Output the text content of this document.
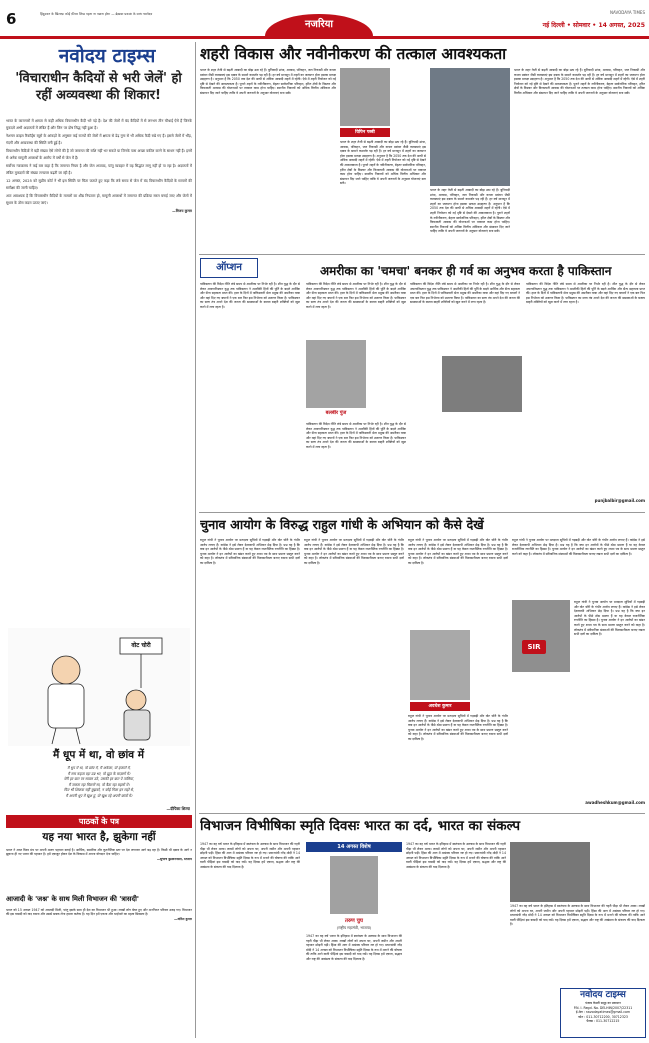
6	हिंदुस्तान के खिलाफ़ कोई फ़ीचर लिख पहना ना पछना होगा — ब्रेख़बर प्रकाश के साथ नवरोदय
नजरिया
NAVODAYA TIMES
नई दिल्ली • सोमवार • 14 अगस्त, 2025
नवोदय टाइम्स
'विचाराधीन कैदियों से भरी जेलें' हो रहीं अव्यवस्था की शिकार!

भारत के कारागारों में क्षमता से कहीं अधिक विचाराधीन कैदी भरे पड़े हैं। देश की जेलों में बंद कैदियों में से लगभग तीन चौथाई ऐसे हैं जिनके मुकदमे अभी अदालतों में लंबित हैं और जिन पर दोष सिद्ध नहीं हुआ है।

नेशनल क्राइम रिकॉर्ड्स ब्यूरो के आंकड़ों के अनुसार कई राज्यों की जेलों में क्षमता से डेढ़ गुना से भी अधिक कैदी रखे गए हैं। इससे जेलों में भीड़, गंदगी और अव्यवस्था की स्थिति बनी हुई है।

विचाराधीन कैदियों में बड़ी संख्या ऐसे लोगों की है जो जमानत की राशि नहीं भर सकते या जिनके पास अच्छा वकील करने के साधन नहीं हैं। इनमें से अनेक मामूली अपराधों के आरोप में वर्षों से जेल में हैं।

सर्वोच्च न्यायालय ने कई बार कहा है कि जमानत नियम है और जेल अपवाद, परंतु व्यवहार में यह सिद्धांत लागू नहीं हो पा रहा है। अदालतों में लंबित मुकदमों की संख्या लगातार बढ़ती जा रही है।

12 अगस्त, 2025 को सुप्रीम कोर्ट ने भी इस स्थिति पर चिंता जताते हुए कहा कि लंबे समय से जेल में बंद विचाराधीन कैदियों के मामलों की समीक्षा की जानी चाहिए।

अतः आवश्यक है कि विचाराधीन कैदियों के मामलों का शीघ्र निपटारा हो, मामूली अपराधों में जमानत की प्रक्रिया सरल बनाई जाए और जेलों में सुधार के ठोस कदम उठाए जाएं।

—विजय कुमार

वोट चोरी
मैं धूप में था, वो छांव में
मैं धूप में था, वो छांव में, मैं अकेला, वो हजारों में,
मैं सच कहता रहा उम्र भर, वो झूठ के बाज़ारों में।
मेरी हर बात पर सवाल उठे, उसकी हर बात पे तालियां,
मैं जलता रहा चिरागों सा, वो बैठा रहा बहारों में।
फिर भी शिकवा नहीं मुझको, न कोई गिला इन राहों से,
मैं अपनी धूप में खुश हूं, वो खुश रहे अपनी छांवों में।
—दीपिका शिल्पा
पाठकों के पत्र
यह नया भारत है, झुकेगा नहीं

भारत ने आज विश्व मंच पर अपनी अलग पहचान बनाई है। आर्थिक, सामरिक और कूटनीतिक स्तर पर देश लगातार आगे बढ़ रहा है। किसी भी दबाव के आगे न झुकना ही नए भारत की पहचान है। हमें एकजुट होकर देश के विकास में अपना योगदान देना चाहिए।

—सुभाष बुडावनवाला, रतलाम

आजादी के 'जश्न' के साथ मिली विभाजन की 'त्रासदी'

भारत को 15 अगस्त 1947 को आजादी मिली, परंतु इसके साथ ही देश का विभाजन भी हुआ। लाखों लोग बेघर हुए और अनगिनत परिवार उजड़ गए। विभाजन की इस त्रासदी को याद रखना और उससे सबक लेना हमारा कर्तव्य है। यह दिन हमें एकता और भाईचारे का महत्व सिखाता है।

—अनिल कुमार

शहरी विकास और नवीनीकरण की तत्काल आवश्यकता
विपिन पब्बी

भारत के शहर तेजी से बढ़ती आबादी का बोझ उठा रहे हैं। बुनियादी ढांचा, आवास, परिवहन, जल निकासी और कचरा प्रबंधन जैसी व्यवस्थाएं इस दबाव के सामने कमजोर पड़ रही हैं। हर वर्ष मानसून में शहरों का जलमग्न होना इसका प्रत्यक्ष उदाहरण है। अनुमान है कि 2050 तक देश की आधी से अधिक आबादी शहरों में रहेगी। ऐसे में शहरी नियोजन को नई दृष्टि से देखने की आवश्यकता है। पुराने शहरों के नवीनीकरण, बेहतर सार्वजनिक परिवहन, हरित क्षेत्रों के विस्तार और किफायती आवास की योजनाओं पर तत्काल काम होना चाहिए। स्थानीय निकायों को अधिक वित्तीय अधिकार और संसाधन दिए जाने चाहिए ताकि वे अपनी जरूरतों के अनुसार योजनाएं बना सकें।

भारत के शहर तेजी से बढ़ती आबादी का बोझ उठा रहे हैं। बुनियादी ढांचा, आवास, परिवहन, जल निकासी और कचरा प्रबंधन जैसी व्यवस्थाएं इस दबाव के सामने कमजोर पड़ रही हैं। हर वर्ष मानसून में शहरों का जलमग्न होना इसका प्रत्यक्ष उदाहरण है। अनुमान है कि 2050 तक देश की आधी से अधिक आबादी शहरों में रहेगी। ऐसे में शहरी नियोजन को नई दृष्टि से देखने की आवश्यकता है। पुराने शहरों के नवीनीकरण, बेहतर सार्वजनिक परिवहन, हरित क्षेत्रों के विस्तार और किफायती आवास की योजनाओं पर तत्काल काम होना चाहिए। स्थानीय निकायों को अधिक वित्तीय अधिकार और संसाधन दिए जाने चाहिए ताकि वे अपनी जरूरतों के अनुसार योजनाएं बना सकें।

भारत के शहर तेजी से बढ़ती आबादी का बोझ उठा रहे हैं। बुनियादी ढांचा, आवास, परिवहन, जल निकासी और कचरा प्रबंधन जैसी व्यवस्थाएं इस दबाव के सामने कमजोर पड़ रही हैं। हर वर्ष मानसून में शहरों का जलमग्न होना इसका प्रत्यक्ष उदाहरण है। अनुमान है कि 2050 तक देश की आधी से अधिक आबादी शहरों में रहेगी। ऐसे में शहरी नियोजन को नई दृष्टि से देखने की आवश्यकता है। पुराने शहरों के नवीनीकरण, बेहतर सार्वजनिक परिवहन, हरित क्षेत्रों के विस्तार और किफायती आवास की योजनाओं पर तत्काल काम होना चाहिए। स्थानीय निकायों को अधिक वित्तीय अधिकार और संसाधन दिए जाने चाहिए ताकि वे अपनी जरूरतों के अनुसार योजनाएं बना सकें।

भारत के शहर तेजी से बढ़ती आबादी का बोझ उठा रहे हैं। बुनियादी ढांचा, आवास, परिवहन, जल निकासी और कचरा प्रबंधन जैसी व्यवस्थाएं इस दबाव के सामने कमजोर पड़ रही हैं। हर वर्ष मानसून में शहरों का जलमग्न होना इसका प्रत्यक्ष उदाहरण है। अनुमान है कि 2050 तक देश की आधी से अधिक आबादी शहरों में रहेगी। ऐसे में शहरी नियोजन को नई दृष्टि से देखने की आवश्यकता है। पुराने शहरों के नवीनीकरण, बेहतर सार्वजनिक परिवहन, हरित क्षेत्रों के विस्तार और किफायती आवास की योजनाओं पर तत्काल काम होना चाहिए। स्थानीय निकायों को अधिक वित्तीय अधिकार और संसाधन दिए जाने चाहिए ताकि वे अपनी जरूरतों के अनुसार योजनाएं बना सकें।

ऑप्शन	अमरीका का 'चमचा' बनकर ही गर्व का अनुभव करता है पाकिस्तान

पाकिस्तान की विदेश नीति लंबे समय से अमरीका पर निर्भर रही है। शीत युद्ध के दौर से लेकर अफगानिस्तान युद्ध तक पाकिस्तान ने अमरीकी हितों की पूर्ति के बदले आर्थिक और सैन्य सहायता प्राप्त की। हाल के दिनों में पाकिस्तानी सेना प्रमुख की अमरीका यात्रा और वहां दिए गए बयानों ने एक बार फिर इस निर्भरता को उजागर किया है। पाकिस्तान का सत्ता तंत्र अपने देश की जनता की समस्याओं के बजाय बाहरी शक्तियों को खुश करने में लगा रहता है।

बलबीर पुंज

पाकिस्तान की विदेश नीति लंबे समय से अमरीका पर निर्भर रही है। शीत युद्ध के दौर से लेकर अफगानिस्तान युद्ध तक पाकिस्तान ने अमरीकी हितों की पूर्ति के बदले आर्थिक और सैन्य सहायता प्राप्त की। हाल के दिनों में पाकिस्तानी सेना प्रमुख की अमरीका यात्रा और वहां दिए गए बयानों ने एक बार फिर इस निर्भरता को उजागर किया है। पाकिस्तान का सत्ता तंत्र अपने देश की जनता की समस्याओं के बजाय बाहरी शक्तियों को खुश करने में लगा रहता है।

पाकिस्तान की विदेश नीति लंबे समय से अमरीका पर निर्भर रही है। शीत युद्ध के दौर से लेकर अफगानिस्तान युद्ध तक पाकिस्तान ने अमरीकी हितों की पूर्ति के बदले आर्थिक और सैन्य सहायता प्राप्त की। हाल के दिनों में पाकिस्तानी सेना प्रमुख की अमरीका यात्रा और वहां दिए गए बयानों ने एक बार फिर इस निर्भरता को उजागर किया है। पाकिस्तान का सत्ता तंत्र अपने देश की जनता की समस्याओं के बजाय बाहरी शक्तियों को खुश करने में लगा रहता है।

पाकिस्तान की विदेश नीति लंबे समय से अमरीका पर निर्भर रही है। शीत युद्ध के दौर से लेकर अफगानिस्तान युद्ध तक पाकिस्तान ने अमरीकी हितों की पूर्ति के बदले आर्थिक और सैन्य सहायता प्राप्त की। हाल के दिनों में पाकिस्तानी सेना प्रमुख की अमरीका यात्रा और वहां दिए गए बयानों ने एक बार फिर इस निर्भरता को उजागर किया है। पाकिस्तान का सत्ता तंत्र अपने देश की जनता की समस्याओं के बजाय बाहरी शक्तियों को खुश करने में लगा रहता है।

पाकिस्तान की विदेश नीति लंबे समय से अमरीका पर निर्भर रही है। शीत युद्ध के दौर से लेकर अफगानिस्तान युद्ध तक पाकिस्तान ने अमरीकी हितों की पूर्ति के बदले आर्थिक और सैन्य सहायता प्राप्त की। हाल के दिनों में पाकिस्तानी सेना प्रमुख की अमरीका यात्रा और वहां दिए गए बयानों ने एक बार फिर इस निर्भरता को उजागर किया है। पाकिस्तान का सत्ता तंत्र अपने देश की जनता की समस्याओं के बजाय बाहरी शक्तियों को खुश करने में लगा रहता है।

punjbalbir@gmail.com
चुनाव आयोग के विरुद्ध राहुल गांधी के अभियान को कैसे देखें

राहुल गांधी ने चुनाव आयोग पर मतदाता सूचियों में गड़बड़ी और वोट चोरी के गंभीर आरोप लगाए हैं। कांग्रेस ने इसे लेकर देशव्यापी अभियान छेड़ दिया है। प्रश्न यह है कि क्या इन आरोपों के पीछे ठोस प्रमाण हैं या यह केवल राजनीतिक रणनीति का हिस्सा है। चुनाव आयोग ने इन आरोपों का खंडन करते हुए शपथ पत्र के साथ प्रमाण प्रस्तुत करने को कहा है। लोकतंत्र में संवैधानिक संस्थाओं की विश्वसनीयता बनाए रखना सभी दलों का दायित्व है।

राहुल गांधी ने चुनाव आयोग पर मतदाता सूचियों में गड़बड़ी और वोट चोरी के गंभीर आरोप लगाए हैं। कांग्रेस ने इसे लेकर देशव्यापी अभियान छेड़ दिया है। प्रश्न यह है कि क्या इन आरोपों के पीछे ठोस प्रमाण हैं या यह केवल राजनीतिक रणनीति का हिस्सा है। चुनाव आयोग ने इन आरोपों का खंडन करते हुए शपथ पत्र के साथ प्रमाण प्रस्तुत करने को कहा है। लोकतंत्र में संवैधानिक संस्थाओं की विश्वसनीयता बनाए रखना सभी दलों का दायित्व है।

अवधेश कुमार

राहुल गांधी ने चुनाव आयोग पर मतदाता सूचियों में गड़बड़ी और वोट चोरी के गंभीर आरोप लगाए हैं। कांग्रेस ने इसे लेकर देशव्यापी अभियान छेड़ दिया है। प्रश्न यह है कि क्या इन आरोपों के पीछे ठोस प्रमाण हैं या यह केवल राजनीतिक रणनीति का हिस्सा है। चुनाव आयोग ने इन आरोपों का खंडन करते हुए शपथ पत्र के साथ प्रमाण प्रस्तुत करने को कहा है। लोकतंत्र में संवैधानिक संस्थाओं की विश्वसनीयता बनाए रखना सभी दलों का दायित्व है।

राहुल गांधी ने चुनाव आयोग पर मतदाता सूचियों में गड़बड़ी और वोट चोरी के गंभीर आरोप लगाए हैं। कांग्रेस ने इसे लेकर देशव्यापी अभियान छेड़ दिया है। प्रश्न यह है कि क्या इन आरोपों के पीछे ठोस प्रमाण हैं या यह केवल राजनीतिक रणनीति का हिस्सा है। चुनाव आयोग ने इन आरोपों का खंडन करते हुए शपथ पत्र के साथ प्रमाण प्रस्तुत करने को कहा है। लोकतंत्र में संवैधानिक संस्थाओं की विश्वसनीयता बनाए रखना सभी दलों का दायित्व है।

SIR

राहुल गांधी ने चुनाव आयोग पर मतदाता सूचियों में गड़बड़ी और वोट चोरी के गंभीर आरोप लगाए हैं। कांग्रेस ने इसे लेकर देशव्यापी अभियान छेड़ दिया है। प्रश्न यह है कि क्या इन आरोपों के पीछे ठोस प्रमाण हैं या यह केवल राजनीतिक रणनीति का हिस्सा है। चुनाव आयोग ने इन आरोपों का खंडन करते हुए शपथ पत्र के साथ प्रमाण प्रस्तुत करने को कहा है। लोकतंत्र में संवैधानिक संस्थाओं की विश्वसनीयता बनाए रखना सभी दलों का दायित्व है।

राहुल गांधी ने चुनाव आयोग पर मतदाता सूचियों में गड़बड़ी और वोट चोरी के गंभीर आरोप लगाए हैं। कांग्रेस ने इसे लेकर देशव्यापी अभियान छेड़ दिया है। प्रश्न यह है कि क्या इन आरोपों के पीछे ठोस प्रमाण हैं या यह केवल राजनीतिक रणनीति का हिस्सा है। चुनाव आयोग ने इन आरोपों का खंडन करते हुए शपथ पत्र के साथ प्रमाण प्रस्तुत करने को कहा है। लोकतंत्र में संवैधानिक संस्थाओं की विश्वसनीयता बनाए रखना सभी दलों का दायित्व है।

awadheshkum@gmail.com
विभाजन विभीषिका स्मृति दिवसः भारत का दर्द, भारत का संकल्प

1947 का वह वर्ष भारत के इतिहास में स्वतंत्रता के उल्लास के साथ विभाजन की गहरी पीड़ा भी लेकर आया। लाखों लोगों को अपना घर, अपनी जमीन और अपनी पहचान छोड़नी पड़ी। हिंसा की आग में असंख्य परिवार नष्ट हो गए। प्रधानमंत्री नरेंद्र मोदी ने 14 अगस्त को विभाजन विभीषिका स्मृति दिवस के रूप में मनाने की घोषणा की ताकि आने वाली पीढ़ियां इस त्रासदी को याद रखें। यह दिवस हमें एकता, सद्भाव और राष्ट्र की अखंडता के संकल्प की याद दिलाता है।

14 अगस्त विशेष
तरुण चुघ
(राष्ट्रीय महामंत्री, भाजपा)

1947 का वह वर्ष भारत के इतिहास में स्वतंत्रता के उल्लास के साथ विभाजन की गहरी पीड़ा भी लेकर आया। लाखों लोगों को अपना घर, अपनी जमीन और अपनी पहचान छोड़नी पड़ी। हिंसा की आग में असंख्य परिवार नष्ट हो गए। प्रधानमंत्री नरेंद्र मोदी ने 14 अगस्त को विभाजन विभीषिका स्मृति दिवस के रूप में मनाने की घोषणा की ताकि आने वाली पीढ़ियां इस त्रासदी को याद रखें। यह दिवस हमें एकता, सद्भाव और राष्ट्र की अखंडता के संकल्प की याद दिलाता है।

1947 का वह वर्ष भारत के इतिहास में स्वतंत्रता के उल्लास के साथ विभाजन की गहरी पीड़ा भी लेकर आया। लाखों लोगों को अपना घर, अपनी जमीन और अपनी पहचान छोड़नी पड़ी। हिंसा की आग में असंख्य परिवार नष्ट हो गए। प्रधानमंत्री नरेंद्र मोदी ने 14 अगस्त को विभाजन विभीषिका स्मृति दिवस के रूप में मनाने की घोषणा की ताकि आने वाली पीढ़ियां इस त्रासदी को याद रखें। यह दिवस हमें एकता, सद्भाव और राष्ट्र की अखंडता के संकल्प की याद दिलाता है।

1947 का वह वर्ष भारत के इतिहास में स्वतंत्रता के उल्लास के साथ विभाजन की गहरी पीड़ा भी लेकर आया। लाखों लोगों को अपना घर, अपनी जमीन और अपनी पहचान छोड़नी पड़ी। हिंसा की आग में असंख्य परिवार नष्ट हो गए। प्रधानमंत्री नरेंद्र मोदी ने 14 अगस्त को विभाजन विभीषिका स्मृति दिवस के रूप में मनाने की घोषणा की ताकि आने वाली पीढ़ियां इस त्रासदी को याद रखें। यह दिवस हमें एकता, सद्भाव और राष्ट्र की अखंडता के संकल्प की याद दिलाता है।

नवोदय टाइम्स
पंजाब केसरी समूह का प्रकाशन
P.N. I. Regd. No. DELHIN/2007/22311
ई-मेल : navodayatimes@gmail.com
फोन : 011-30712200, 30712323
फैक्स : 011-30712215
